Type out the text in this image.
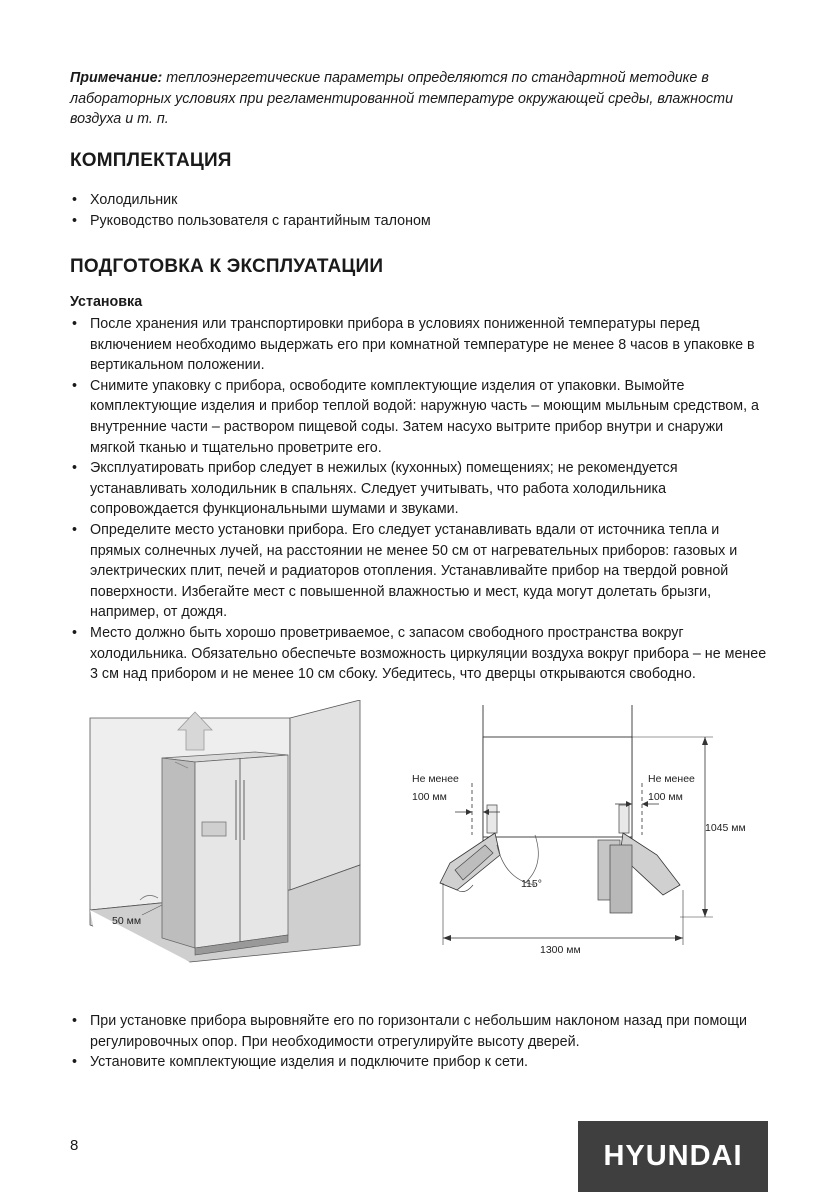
Примечание: теплоэнергетические параметры определяются по стандартной методике в лабораторных условиях при регламентированной температуре окружающей среды, влажности воздуха и т. п.
КОМПЛЕКТАЦИЯ
• Холодильник
• Руководство пользователя с гарантийным талоном
ПОДГОТОВКА К ЭКСПЛУАТАЦИИ
Установка
• После хранения или транспортировки прибора в условиях пониженной температуры перед включением необходимо выдержать его при комнатной температуре не менее 8 часов в упаковке в вертикальном положении.
• Снимите упаковку с прибора, освободите комплектующие изделия от упаковки. Вымойте комплектующие изделия и прибор теплой водой: наружную часть – моющим мыльным средством, а внутренние части – раствором пищевой соды. Затем насухо вытрите прибор внутри и снаружи мягкой тканью и тщательно проветрите его.
• Эксплуатировать прибор следует в нежилых (кухонных) помещениях; не рекомендуется устанавливать холодильник в спальнях. Следует учитывать, что работа холодильника сопровождается функциональными шумами и звуками.
• Определите место установки прибора. Его следует устанавливать вдали от источника тепла и прямых солнечных лучей, на расстоянии не менее 50 см от нагревательных приборов: газовых и электрических плит, печей и радиаторов отопления. Устанавливайте прибор на твердой ровной поверхности. Избегайте мест с повышенной влажностью и мест, куда могут долетать брызги, например, от дождя.
• Место должно быть хорошо проветриваемое, с запасом свободного пространства вокруг холодильника. Обязательно обеспечьте возможность циркуляции воздуха вокруг прибора – не менее 3 см над прибором и не менее 10 см сбоку. Убедитесь, что дверцы открываются свободно.
50 мм
Не менее
100 мм
Не менее
100 мм
1045 мм
115°
1300 мм
• При установке прибора выровняйте его по горизонтали с небольшим наклоном назад при помощи регулировочных опор. При необходимости отрегулируйте высоту дверей.
• Установите комплектующие изделия и подключите прибор к сети.
8	HYUNDAI
